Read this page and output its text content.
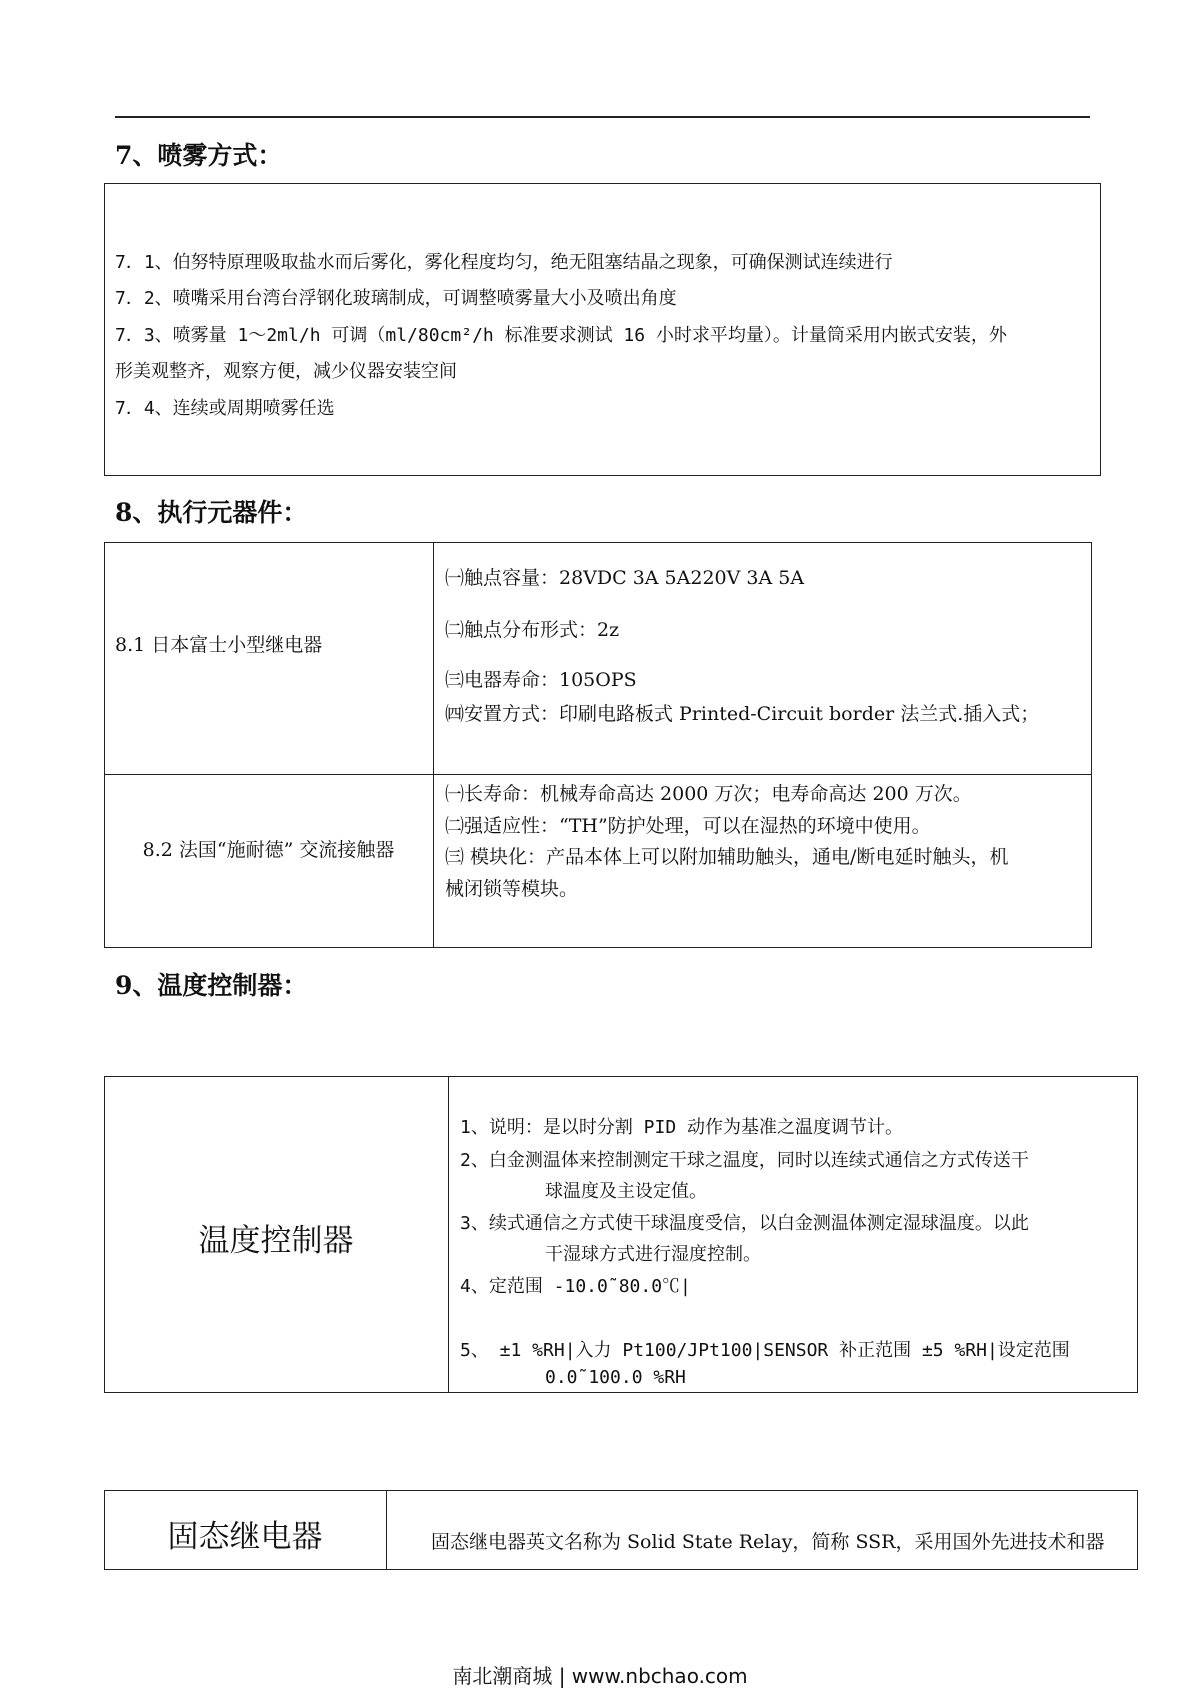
7、喷雾方式：
7．1、伯努特原理吸取盐水而后雾化，雾化程度均匀，绝无阻塞结晶之现象，可确保测试连续进行
7．2、喷嘴采用台湾台浮钢化玻璃制成，可调整喷雾量大小及喷出角度
7．3、喷雾量 1～2ml/h 可调（ml/80cm²/h 标准要求测试 16 小时求平均量）。计量筒采用内嵌式安装，外
形美观整齐，观察方便，减少仪器安装空间
7．4、连续或周期喷雾任选
8、执行元器件：
8.1 日本富士小型继电器
㈠触点容量：28VDC 3A 5A220V 3A 5A
㈡触点分布形式：2z
㈢电器寿命：105OPS
㈣安置方式：印刷电路板式 Printed-Circuit border 法兰式.插入式；
8.2 法国“施耐德” 交流接触器
㈠长寿命：机械寿命高达 2000 万次；电寿命高达 200 万次。
㈡强适应性：“TH”防护处理，可以在湿热的环境中使用。
㈢ 模块化：产品本体上可以附加辅助触头，通电/断电延时触头，机
械闭锁等模块。
9、温度控制器：
温度控制器
1、说明：是以时分割 PID 动作为基准之温度调节计。
2、白金测温体来控制测定干球之温度，同时以连续式通信之方式传送干
球温度及主设定值。
3、续式通信之方式使干球温度受信，以白金测温体测定湿球温度。以此
干湿球方式进行湿度控制。
4、定范围 -10.0˜80.0℃|
5、 ±1 %RH|入力 Pt100/JPt100|SENSOR 补正范围 ±5 %RH|设定范围
0.0˜100.0 %RH
固态继电器	固态继电器英文名称为 Solid State Relay，简称 SSR，采用国外先进技术和器
南北潮商城 | www.nbchao.com
